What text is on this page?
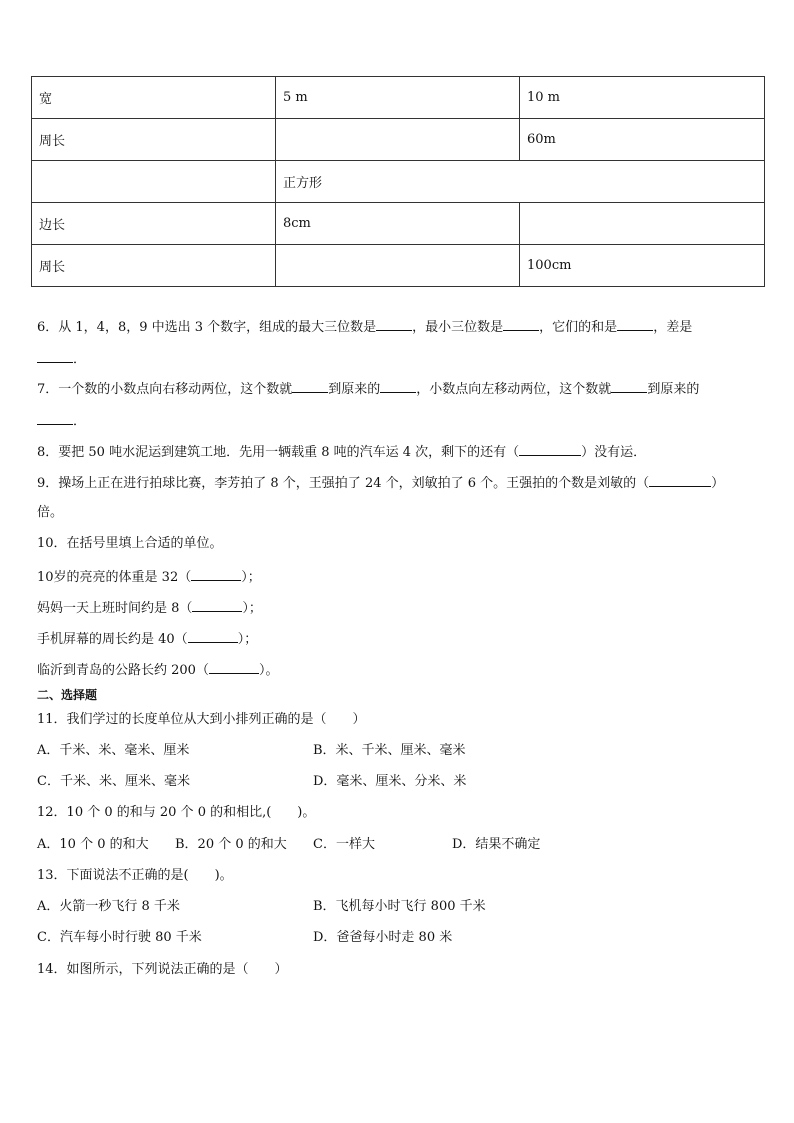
宽	5 m	10 m
周长		60m
	正方形	
边长	8cm	
周长		100cm
6．从 1，4，8，9 中选出 3 个数字，组成的最大三位数是	，最小三位数是	，它们的和是	，差是
．
7．一个数的小数点向右移动两位，这个数就	到原来的	，小数点向左移动两位，这个数就	到原来的
．
8．要把 50 吨水泥运到建筑工地．先用一辆载重 8 吨的汽车运 4 次，剩下的还有（	）没有运．
9．操场上正在进行拍球比赛，李芳拍了 8 个，王强拍了 24 个，刘敏拍了 6 个。王强拍的个数是刘敏的（	）
倍。
10．在括号里填上合适的单位。
10岁的亮亮的体重是 32（	）；
妈妈一天上班时间约是 8（	）；
手机屏幕的周长约是 40（	）；
临沂到青岛的公路长约 200（	）。
二、选择题
11．我们学过的长度单位从大到小排列正确的是（　　）
A．千米、米、毫米、厘米	B．米、千米、厘米、毫米
C．千米、米、厘米、毫米	D．毫米、厘米、分米、米
12．10 个 0 的和与 20 个 0 的和相比,(　　)。
A．10 个 0 的和大 B．20 个 0 的和大 C．一样大	D．结果不确定
13．下面说法不正确的是(　　)。
A．火箭一秒飞行 8 千米	B．飞机每小时飞行 800 千米
C．汽车每小时行驶 80 千米	D．爸爸每小时走 80 米
14．如图所示，下列说法正确的是（　　）
